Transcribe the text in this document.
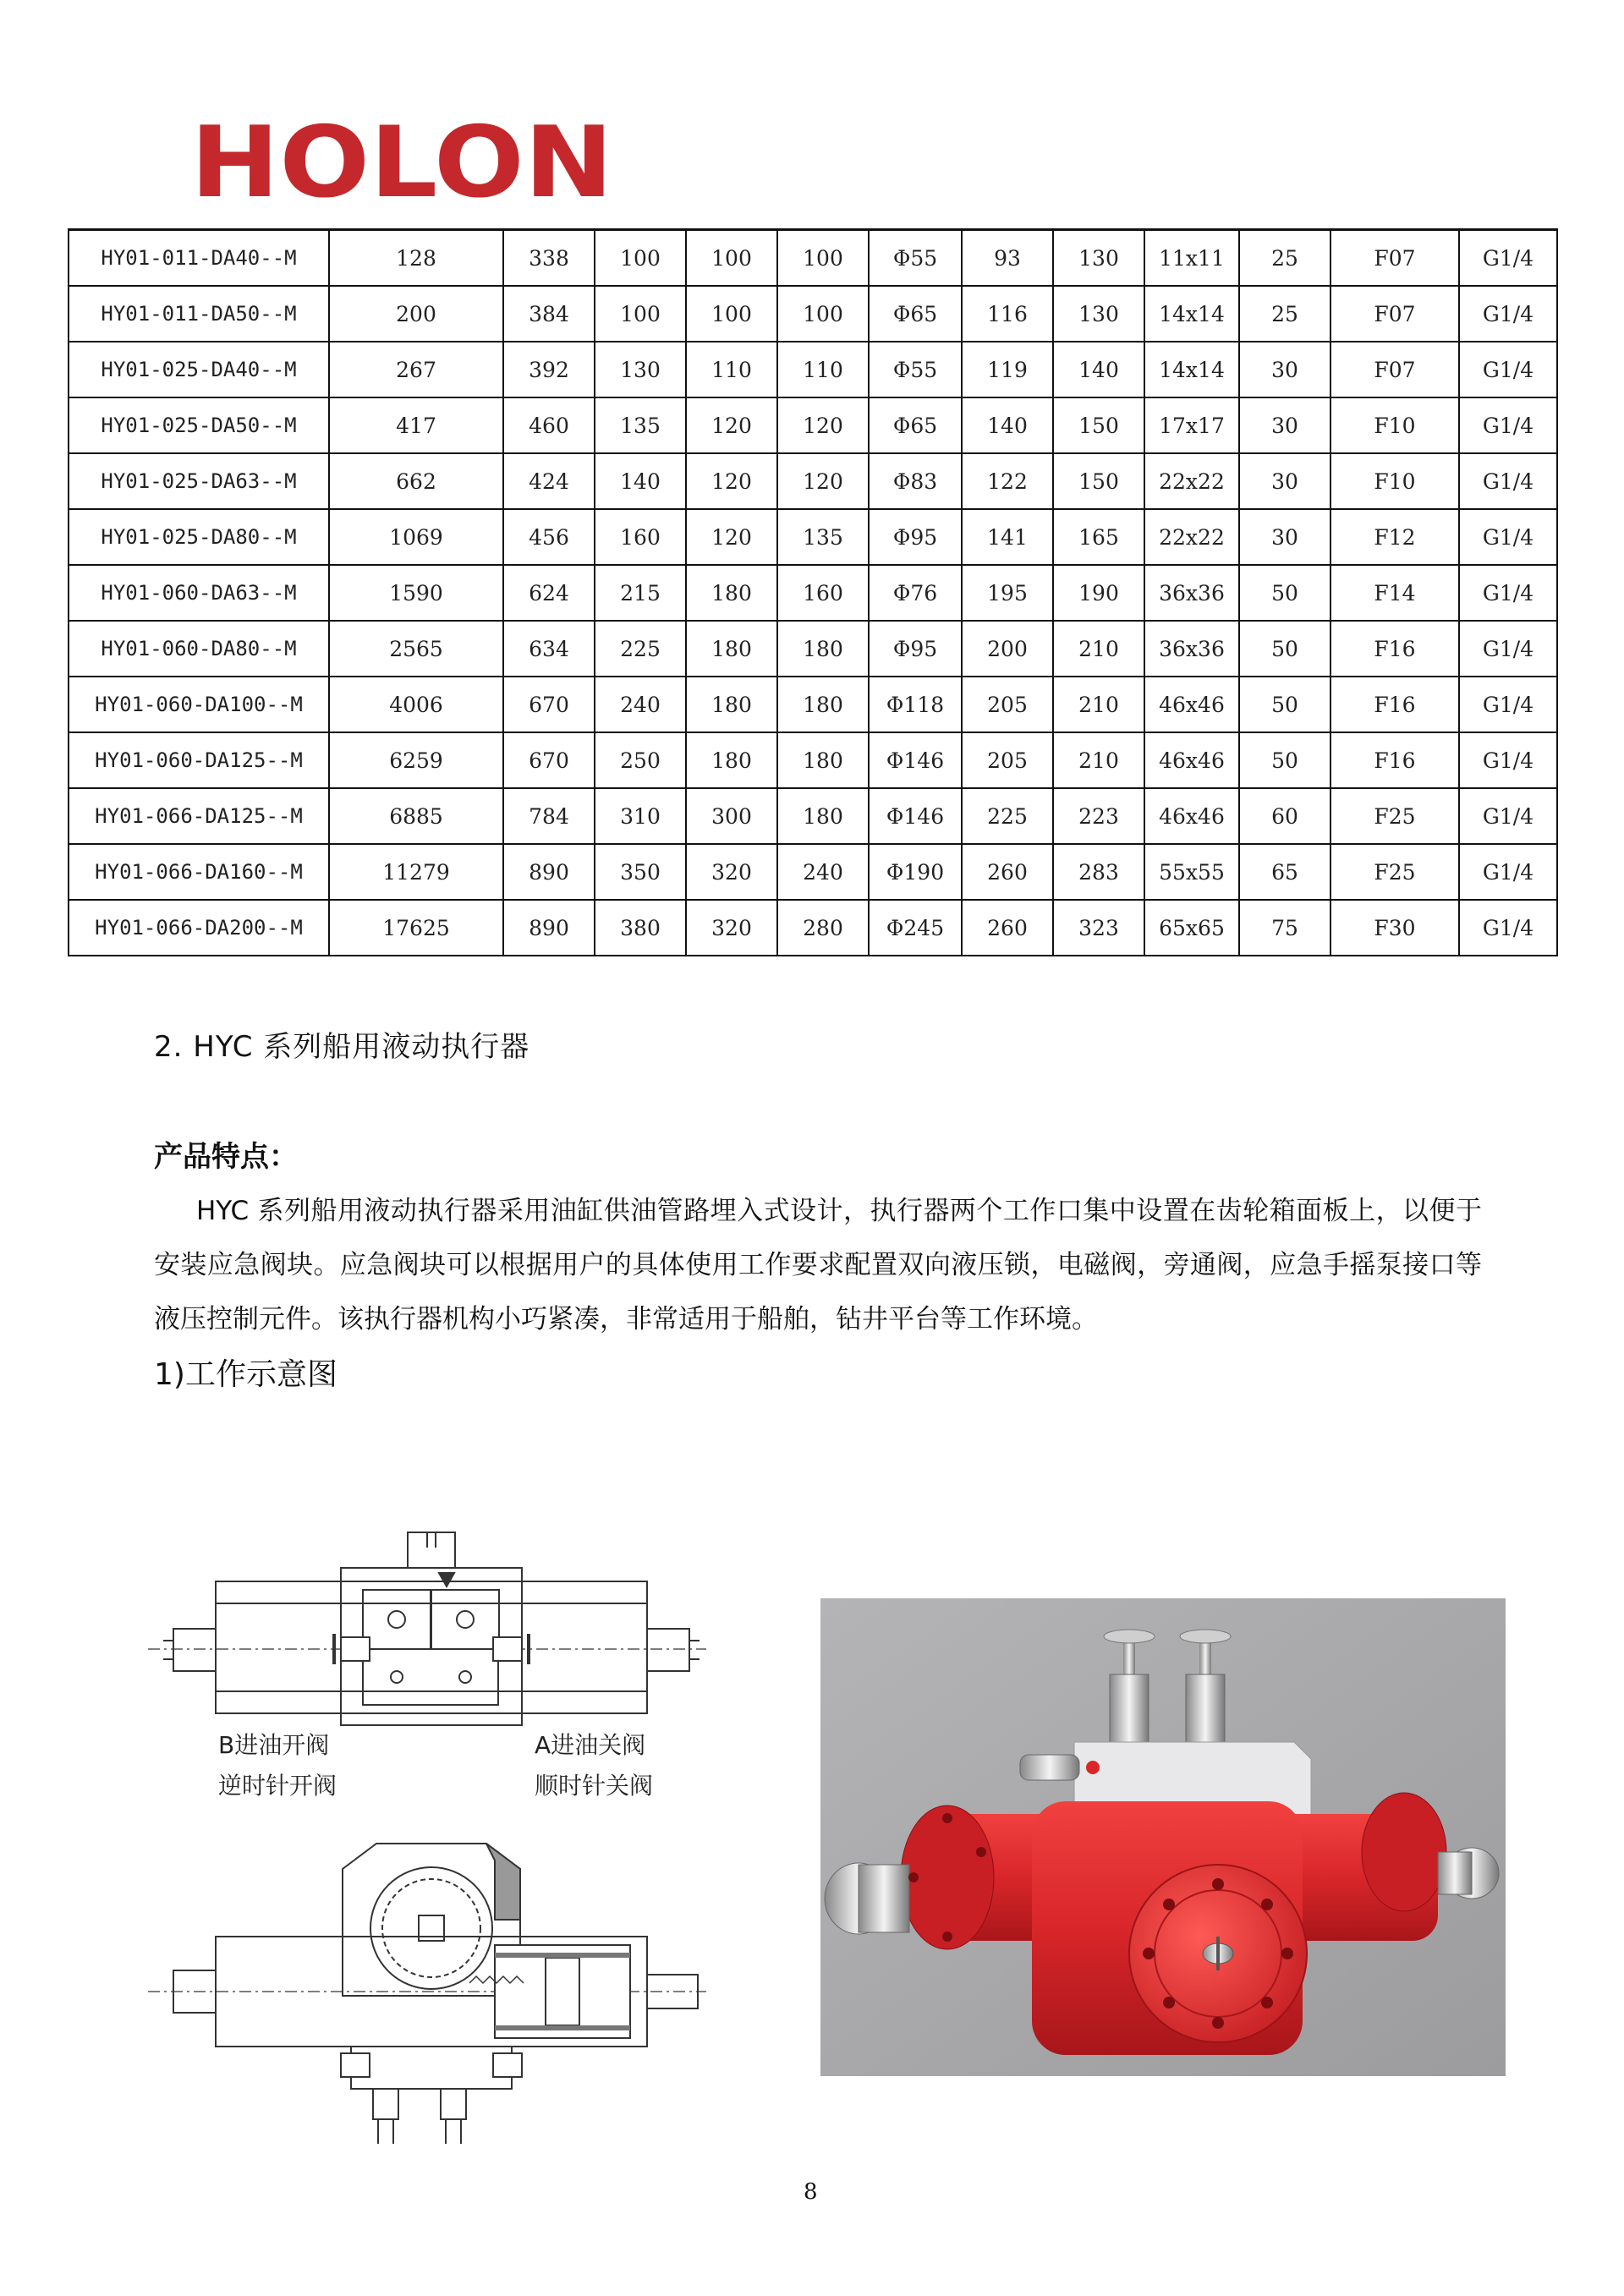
HOLON
HY01-011-DA40--M	128	338	100	100	100	Φ55	93	130	11x11	25	F07	G1/4
HY01-011-DA50--M	200	384	100	100	100	Φ65	116	130	14x14	25	F07	G1/4
HY01-025-DA40--M	267	392	130	110	110	Φ55	119	140	14x14	30	F07	G1/4
HY01-025-DA50--M	417	460	135	120	120	Φ65	140	150	17x17	30	F10	G1/4
HY01-025-DA63--M	662	424	140	120	120	Φ83	122	150	22x22	30	F10	G1/4
HY01-025-DA80--M	1069	456	160	120	135	Φ95	141	165	22x22	30	F12	G1/4
HY01-060-DA63--M	1590	624	215	180	160	Φ76	195	190	36x36	50	F14	G1/4
HY01-060-DA80--M	2565	634	225	180	180	Φ95	200	210	36x36	50	F16	G1/4
HY01-060-DA100--M	4006	670	240	180	180	Φ118	205	210	46x46	50	F16	G1/4
HY01-060-DA125--M	6259	670	250	180	180	Φ146	205	210	46x46	50	F16	G1/4
HY01-066-DA125--M	6885	784	310	300	180	Φ146	225	223	46x46	60	F25	G1/4
HY01-066-DA160--M	11279	890	350	320	240	Φ190	260	283	55x55	65	F25	G1/4
HY01-066-DA200--M	17625	890	380	320	280	Φ245	260	323	65x65	75	F30	G1/4
2. HYC 系列船用液动执行器
产品特点：
HYC 系列船用液动执行器采用油缸供油管路埋入式设计，执行器两个工作口集中设置在齿轮箱面板上，以便于安装应急阀块。应急阀块可以根据用户的具体使用工作要求配置双向液压锁，电磁阀，旁通阀，应急手摇泵接口等液压控制元件。该执行器机构小巧紧凑，非常适用于船舶，钻井平台等工作环境。
1)工作示意图
B进油开阀
逆时针开阀
A进油关阀
顺时针关阀
8
